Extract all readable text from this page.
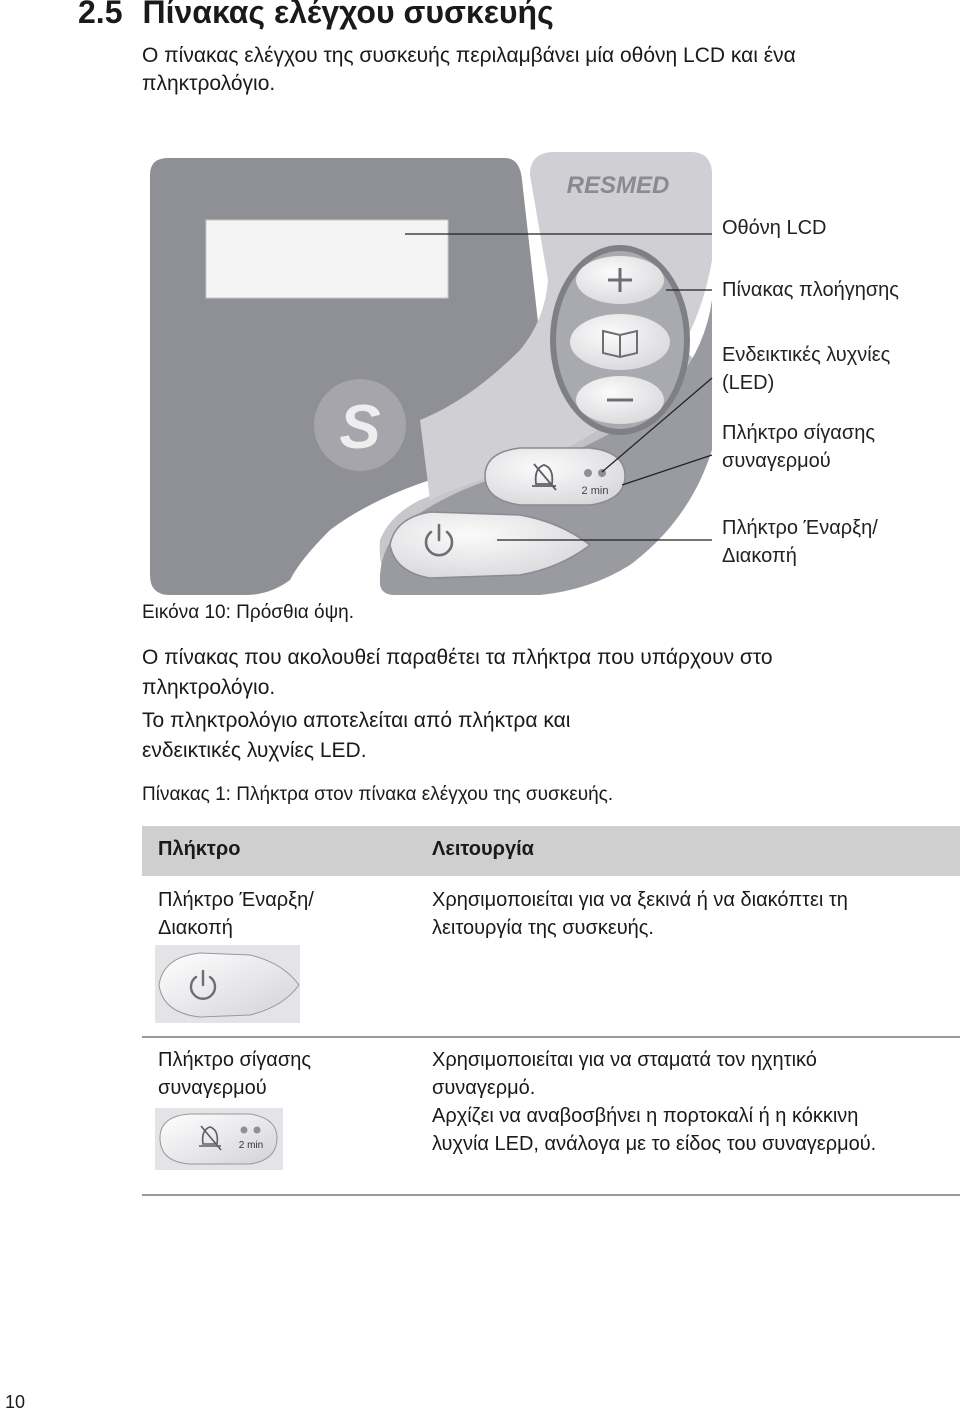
2.5 Πίνακας ελέγχου συσκευής
Ο πίνακας ελέγχου της συσκευής περιλαμβάνει μία οθόνη LCD και ένα
πληκτρολόγιο.
S
RESMED
2 min
Οθόνη LCD
Πίνακας πλοήγησης
Ενδεικτικές λυχνίες
(LED)
Πλήκτρο σίγασης
συναγερμού
Πλήκτρο Έναρξη/
Διακοπή
Εικόνα 10: Πρόσθια όψη.
Ο πίνακας που ακολουθεί παραθέτει τα πλήκτρα που υπάρχουν στο
πληκτρολόγιο.
Το πληκτρολόγιο αποτελείται από πλήκτρα και
ενδεικτικές λυχνίες LED.
Πίνακας 1: Πλήκτρα στον πίνακα ελέγχου της συσκευής.
Πλήκτρο	Λειτουργία
Πλήκτρο Έναρξη/
Διακοπή
Χρησιμοποιείται για να ξεκινά ή να διακόπτει τη
λειτουργία της συσκευής.
Πλήκτρο σίγασης
συναγερμού
Χρησιμοποιείται για να σταματά τον ηχητικό
συναγερμό.
Αρχίζει να αναβοσβήνει η πορτοκαλί ή η κόκκινη
λυχνία LED, ανάλογα με το είδος του συναγερμού.
2 min
10
